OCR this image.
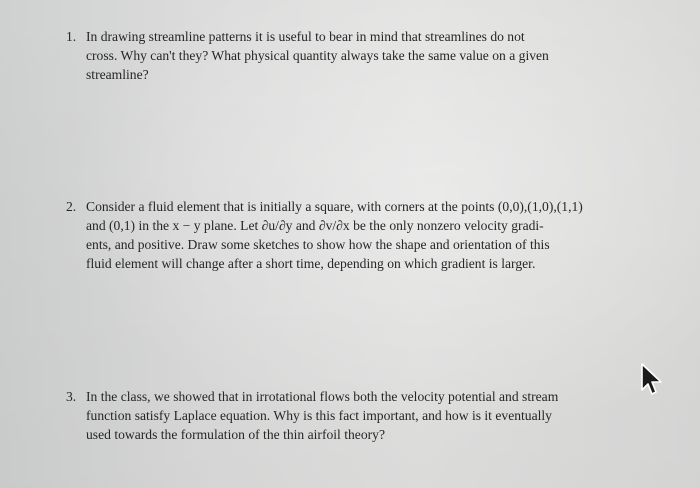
1. In drawing streamline patterns it is useful to bear in mind that streamlines do not
cross. Why can't they? What physical quantity always take the same value on a given
streamline?
2. Consider a fluid element that is initially a square, with corners at the points (0,0),(1,0),(1,1)
and (0,1) in the x − y plane. Let ∂u/∂y and ∂v/∂x be the only nonzero velocity gradi-
ents, and positive. Draw some sketches to show how the shape and orientation of this
fluid element will change after a short time, depending on which gradient is larger.
3. In the class, we showed that in irrotational flows both the velocity potential and stream
function satisfy Laplace equation. Why is this fact important, and how is it eventually
used towards the formulation of the thin airfoil theory?
